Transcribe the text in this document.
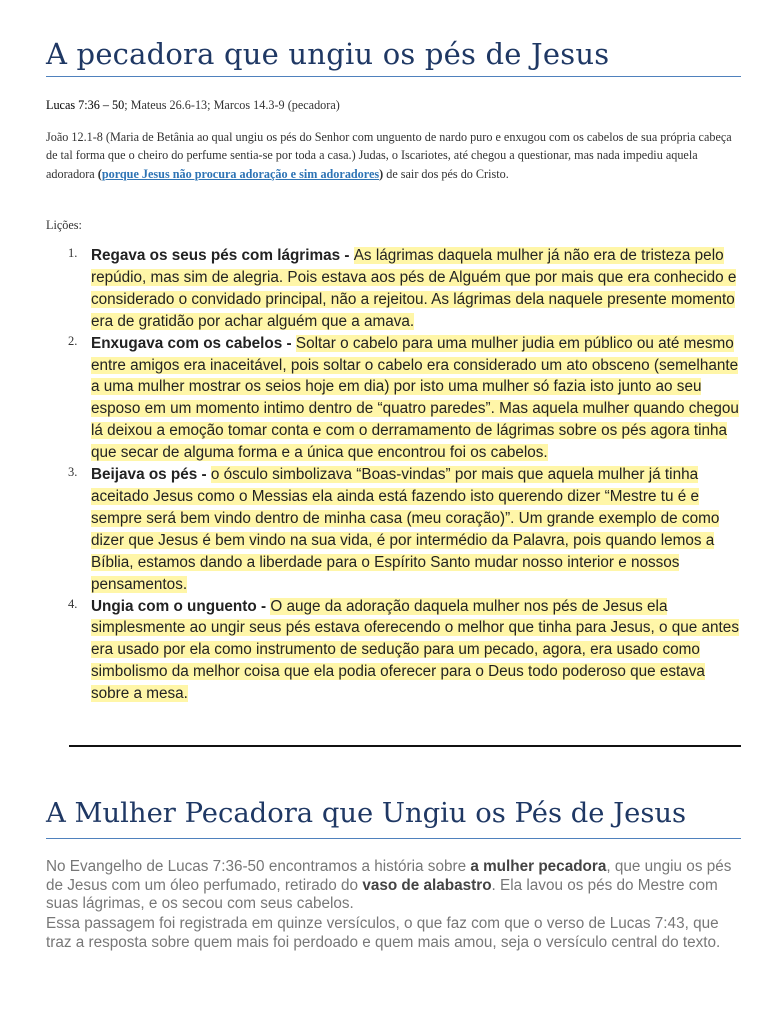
A pecadora que ungiu os pés de Jesus
Lucas 7:36 – 50; Mateus 26.6-13; Marcos 14.3-9 (pecadora)
João 12.1-8 (Maria de Betânia ao qual ungiu os pés do Senhor com unguento de nardo puro e enxugou com os cabelos de sua própria cabeça de tal forma que o cheiro do perfume sentia-se por toda a casa.) Judas, o Iscariotes, até chegou a questionar, mas nada impediu aquela adoradora (porque Jesus não procura adoração e sim adoradores) de sair dos pés do Cristo.
Lições:
1. Regava os seus pés com lágrimas - As lágrimas daquela mulher já não era de tristeza pelo repúdio, mas sim de alegria. Pois estava aos pés de Alguém que por mais que era conhecido e considerado o convidado principal, não a rejeitou. As lágrimas dela naquele presente momento era de gratidão por achar alguém que a amava.
2. Enxugava com os cabelos - Soltar o cabelo para uma mulher judia em público ou até mesmo entre amigos era inaceitável, pois soltar o cabelo era considerado um ato obsceno (semelhante a uma mulher mostrar os seios hoje em dia) por isto uma mulher só fazia isto junto ao seu esposo em um momento intimo dentro de “quatro paredes”. Mas aquela mulher quando chegou lá deixou a emoção tomar conta e com o derramamento de lágrimas sobre os pés agora tinha que secar de alguma forma e a única que encontrou foi os cabelos.
3. Beijava os pés - o ósculo simbolizava “Boas-vindas” por mais que aquela mulher já tinha aceitado Jesus como o Messias ela ainda está fazendo isto querendo dizer “Mestre tu é e sempre será bem vindo dentro de minha casa (meu coração)”. Um grande exemplo de como dizer que Jesus é bem vindo na sua vida, é por intermédio da Palavra, pois quando lemos a Bíblia, estamos dando a liberdade para o Espírito Santo mudar nosso interior e nossos pensamentos.
4. Ungia com o unguento - O auge da adoração daquela mulher nos pés de Jesus ela simplesmente ao ungir seus pés estava oferecendo o melhor que tinha para Jesus, o que antes era usado por ela como instrumento de sedução para um pecado, agora, era usado como simbolismo da melhor coisa que ela podia oferecer para o Deus todo poderoso que estava sobre a mesa.
A Mulher Pecadora que Ungiu os Pés de Jesus
No Evangelho de Lucas 7:36-50 encontramos a história sobre a mulher pecadora, que ungiu os pés de Jesus com um óleo perfumado, retirado do vaso de alabastro. Ela lavou os pés do Mestre com suas lágrimas, e os secou com seus cabelos.
Essa passagem foi registrada em quinze versículos, o que faz com que o verso de Lucas 7:43, que traz a resposta sobre quem mais foi perdoado e quem mais amou, seja o versículo central do texto.
